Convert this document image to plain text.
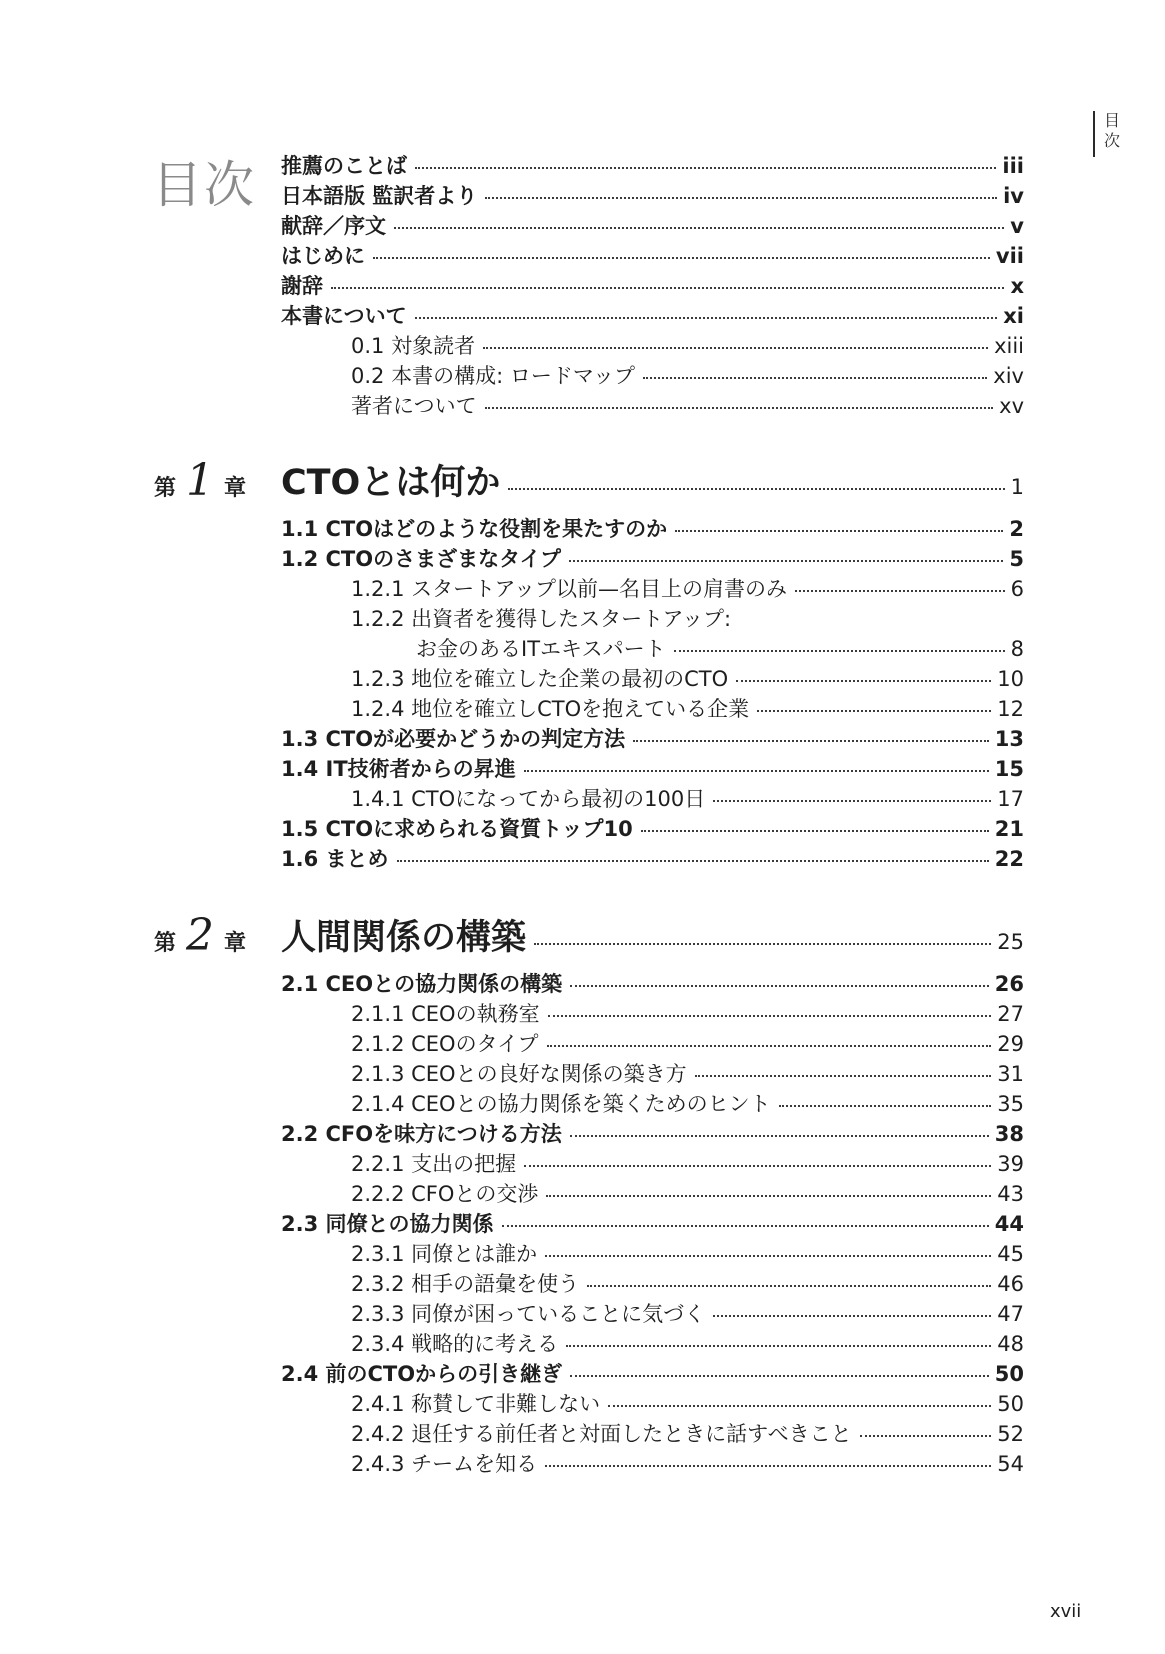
目
次
目次 推薦のことば	iii
日本語版 監訳者より	iv
献辞／序文	v
はじめに	vii
謝辞	x
本書について	xi
0.1 対象読者	xiii
0.2 本書の構成: ロードマップ	xiv
著者について	xv
第 1 章 CTOとは何か	1
1.1 CTOはどのような役割を果たすのか	2
1.2 CTOのさまざまなタイプ	5
1.2.1 スタートアップ以前—名目上の肩書のみ	6
1.2.2 出資者を獲得したスタートアップ:
お金のあるITエキスパート	8
1.2.3 地位を確立した企業の最初のCTO	10
1.2.4 地位を確立しCTOを抱えている企業	12
1.3 CTOが必要かどうかの判定方法	13
1.4 IT技術者からの昇進	15
1.4.1 CTOになってから最初の100日	17
1.5 CTOに求められる資質トップ10	21
1.6 まとめ	22
第 2 章 人間関係の構築	25
2.1 CEOとの協力関係の構築	26
2.1.1 CEOの執務室	27
2.1.2 CEOのタイプ	29
2.1.3 CEOとの良好な関係の築き方	31
2.1.4 CEOとの協力関係を築くためのヒント	35
2.2 CFOを味方につける方法	38
2.2.1 支出の把握	39
2.2.2 CFOとの交渉	43
2.3 同僚との協力関係	44
2.3.1 同僚とは誰か	45
2.3.2 相手の語彙を使う	46
2.3.3 同僚が困っていることに気づく	47
2.3.4 戦略的に考える	48
2.4 前のCTOからの引き継ぎ	50
2.4.1 称賛して非難しない	50
2.4.2 退任する前任者と対面したときに話すべきこと	52
2.4.3 チームを知る	54
xvii
